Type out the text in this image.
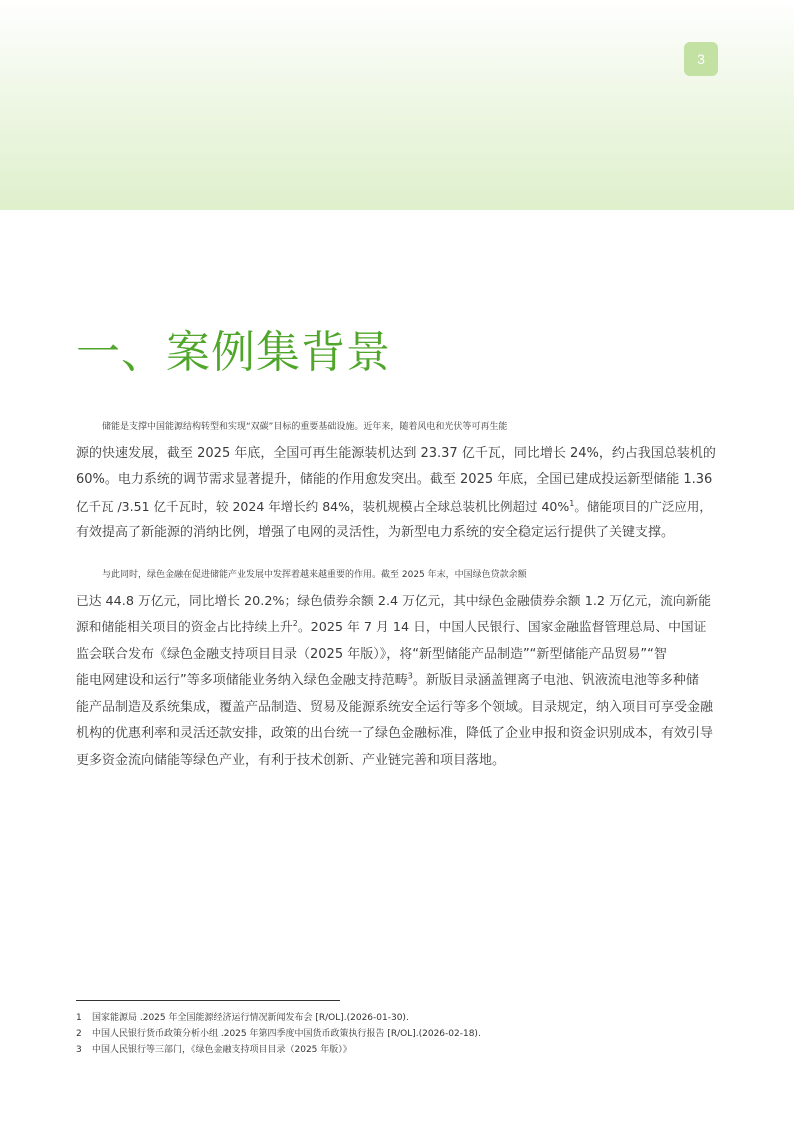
3
一、案例集背景
储能是支撑中国能源结构转型和实现“双碳”目标的重要基础设施。近年来，随着风电和光伏等可再生能
源的快速发展，截至 2025 年底，全国可再生能源装机达到 23.37 亿千瓦，同比增长 24%，约占我国总装机的
60%。电力系统的调节需求显著提升，储能的作用愈发突出。截至 2025 年底，全国已建成投运新型储能 1.36
亿千瓦 /3.51 亿千瓦时，较 2024 年增长约 84%，装机规模占全球总装机比例超过 40%$^1$。储能项目的广泛应用，
有效提高了新能源的消纳比例，增强了电网的灵活性，为新型电力系统的安全稳定运行提供了关键支撑。
与此同时，绿色金融在促进储能产业发展中发挥着越来越重要的作用。截至 2025 年末，中国绿色贷款余额
已达 44.8 万亿元，同比增长 20.2%；绿色债券余额 2.4 万亿元，其中绿色金融债券余额 1.2 万亿元，流向新能
源和储能相关项目的资金占比持续上升$^2$。2025 年 7 月 14 日，中国人民银行、国家金融监督管理总局、中国证
监会联合发布《绿色金融支持项目目录（2025 年版）》，将“新型储能产品制造”“新型储能产品贸易”“智
能电网建设和运行”等多项储能业务纳入绿色金融支持范畴$^3$。新版目录涵盖锂离子电池、钒液流电池等多种储
能产品制造及系统集成，覆盖产品制造、贸易及能源系统安全运行等多个领域。目录规定，纳入项目可享受金融
机构的优惠利率和灵活还款安排，政策的出台统一了绿色金融标准，降低了企业申报和资金识别成本，有效引导
更多资金流向储能等绿色产业，有利于技术创新、产业链完善和项目落地。
1	国家能源局 .2025 年全国能源经济运行情况新闻发布会 [R/OL].(2026-01-30).
2	中国人民银行货币政策分析小组 .2025 年第四季度中国货币政策执行报告 [R/OL].(2026-02-18).
3	中国人民银行等三部门，《绿色金融支持项目目录（2025 年版）》
